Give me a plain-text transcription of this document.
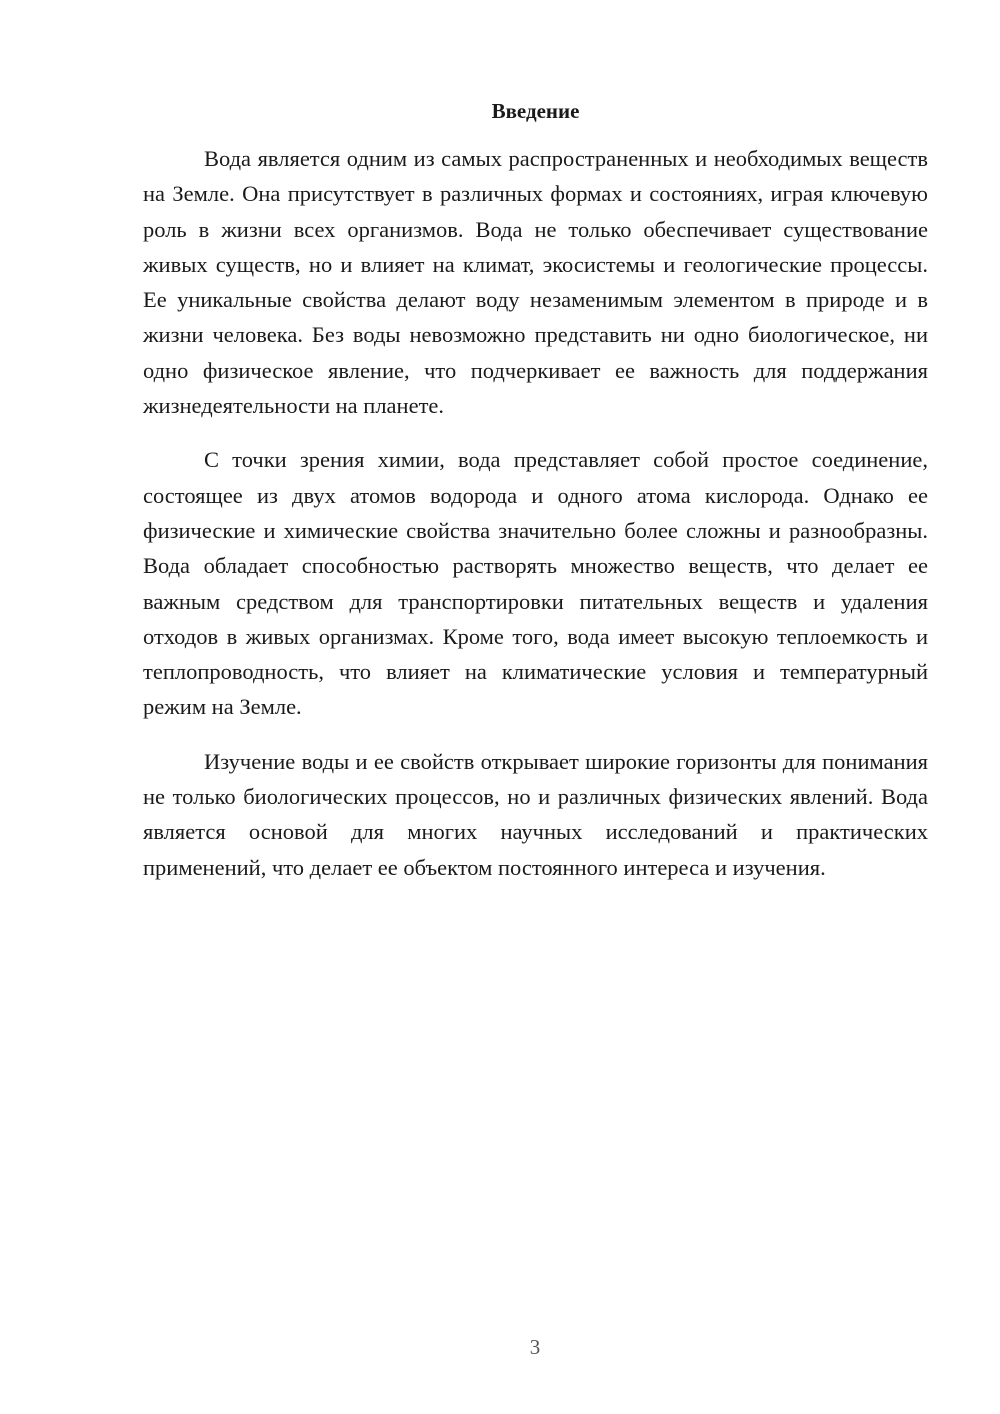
Введение

Вода является одним из самых распространенных и необходимых веществ на Земле. Она присутствует в различных формах и состояниях, играя ключевую роль в жизни всех организмов. Вода не только обеспечивает существование живых существ, но и влияет на климат, экосистемы и геологические процессы. Ее уникальные свойства делают воду незаменимым элементом в природе и в жизни человека. Без воды невозможно представить ни одно биологическое, ни одно физическое явление, что подчеркивает ее важность для поддержания жизнедеятельности на планете.

С точки зрения химии, вода представляет собой простое соединение, состоящее из двух атомов водорода и одного атома кислорода. Однако ее физические и химические свойства значительно более сложны и разнообразны. Вода обладает способностью растворять множество веществ, что делает ее важным средством для транспортировки питательных веществ и удаления отходов в живых организмах. Кроме того, вода имеет высокую теплоемкость и теплопроводность, что влияет на климатические условия и температурный режим на Земле.

Изучение воды и ее свойств открывает широкие горизонты для понимания не только биологических процессов, но и различных физических явлений. Вода является основой для многих научных исследований и практических применений, что делает ее объектом постоянного интереса и изучения.

3
